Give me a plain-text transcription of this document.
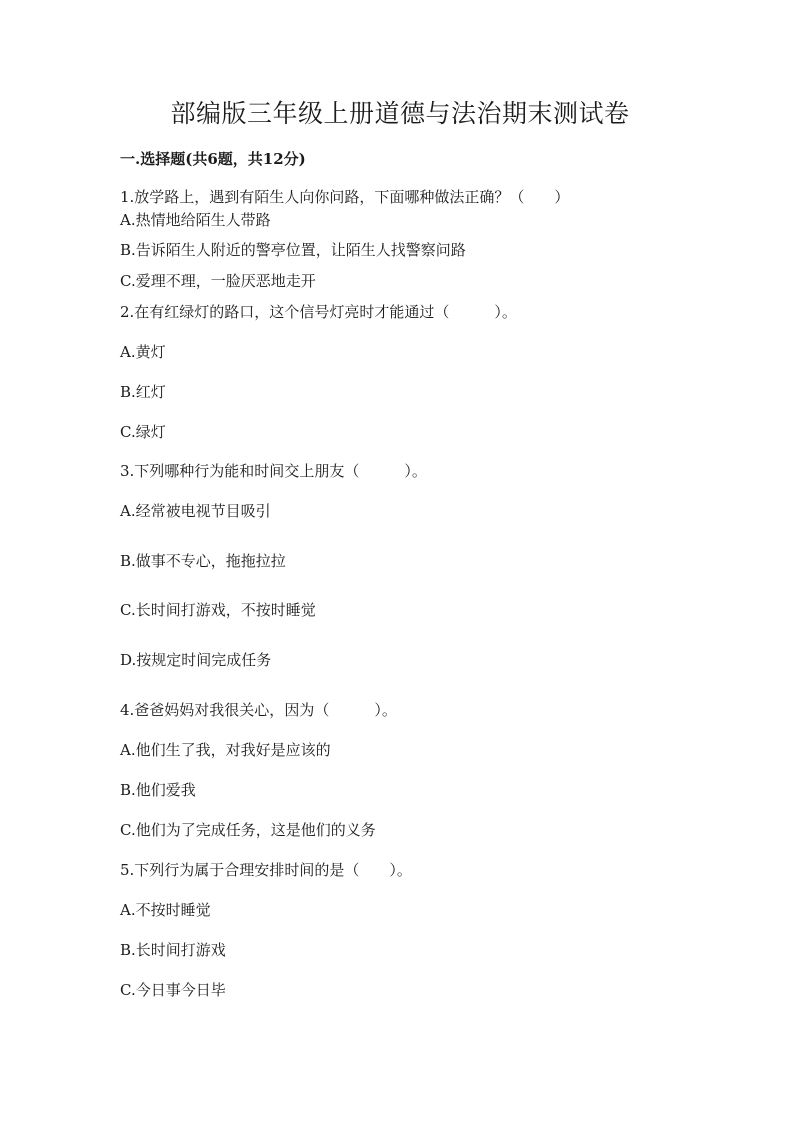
部编版三年级上册道德与法治期末测试卷
一.选择题(共6题，共12分)
1.放学路上，遇到有陌生人向你问路，下面哪种做法正确？（　　）
A.热情地给陌生人带路
B.告诉陌生人附近的警亭位置，让陌生人找警察问路
C.爱理不理，一脸厌恶地走开
2.在有红绿灯的路口，这个信号灯亮时才能通过（　　　）。
A.黄灯
B.红灯
C.绿灯
3.下列哪种行为能和时间交上朋友（　　　）。
A.经常被电视节目吸引
B.做事不专心，拖拖拉拉
C.长时间打游戏，不按时睡觉
D.按规定时间完成任务
4.爸爸妈妈对我很关心，因为（　　　）。
A.他们生了我，对我好是应该的
B.他们爱我
C.他们为了完成任务，这是他们的义务
5.下列行为属于合理安排时间的是（　　）。
A.不按时睡觉
B.长时间打游戏
C.今日事今日毕
